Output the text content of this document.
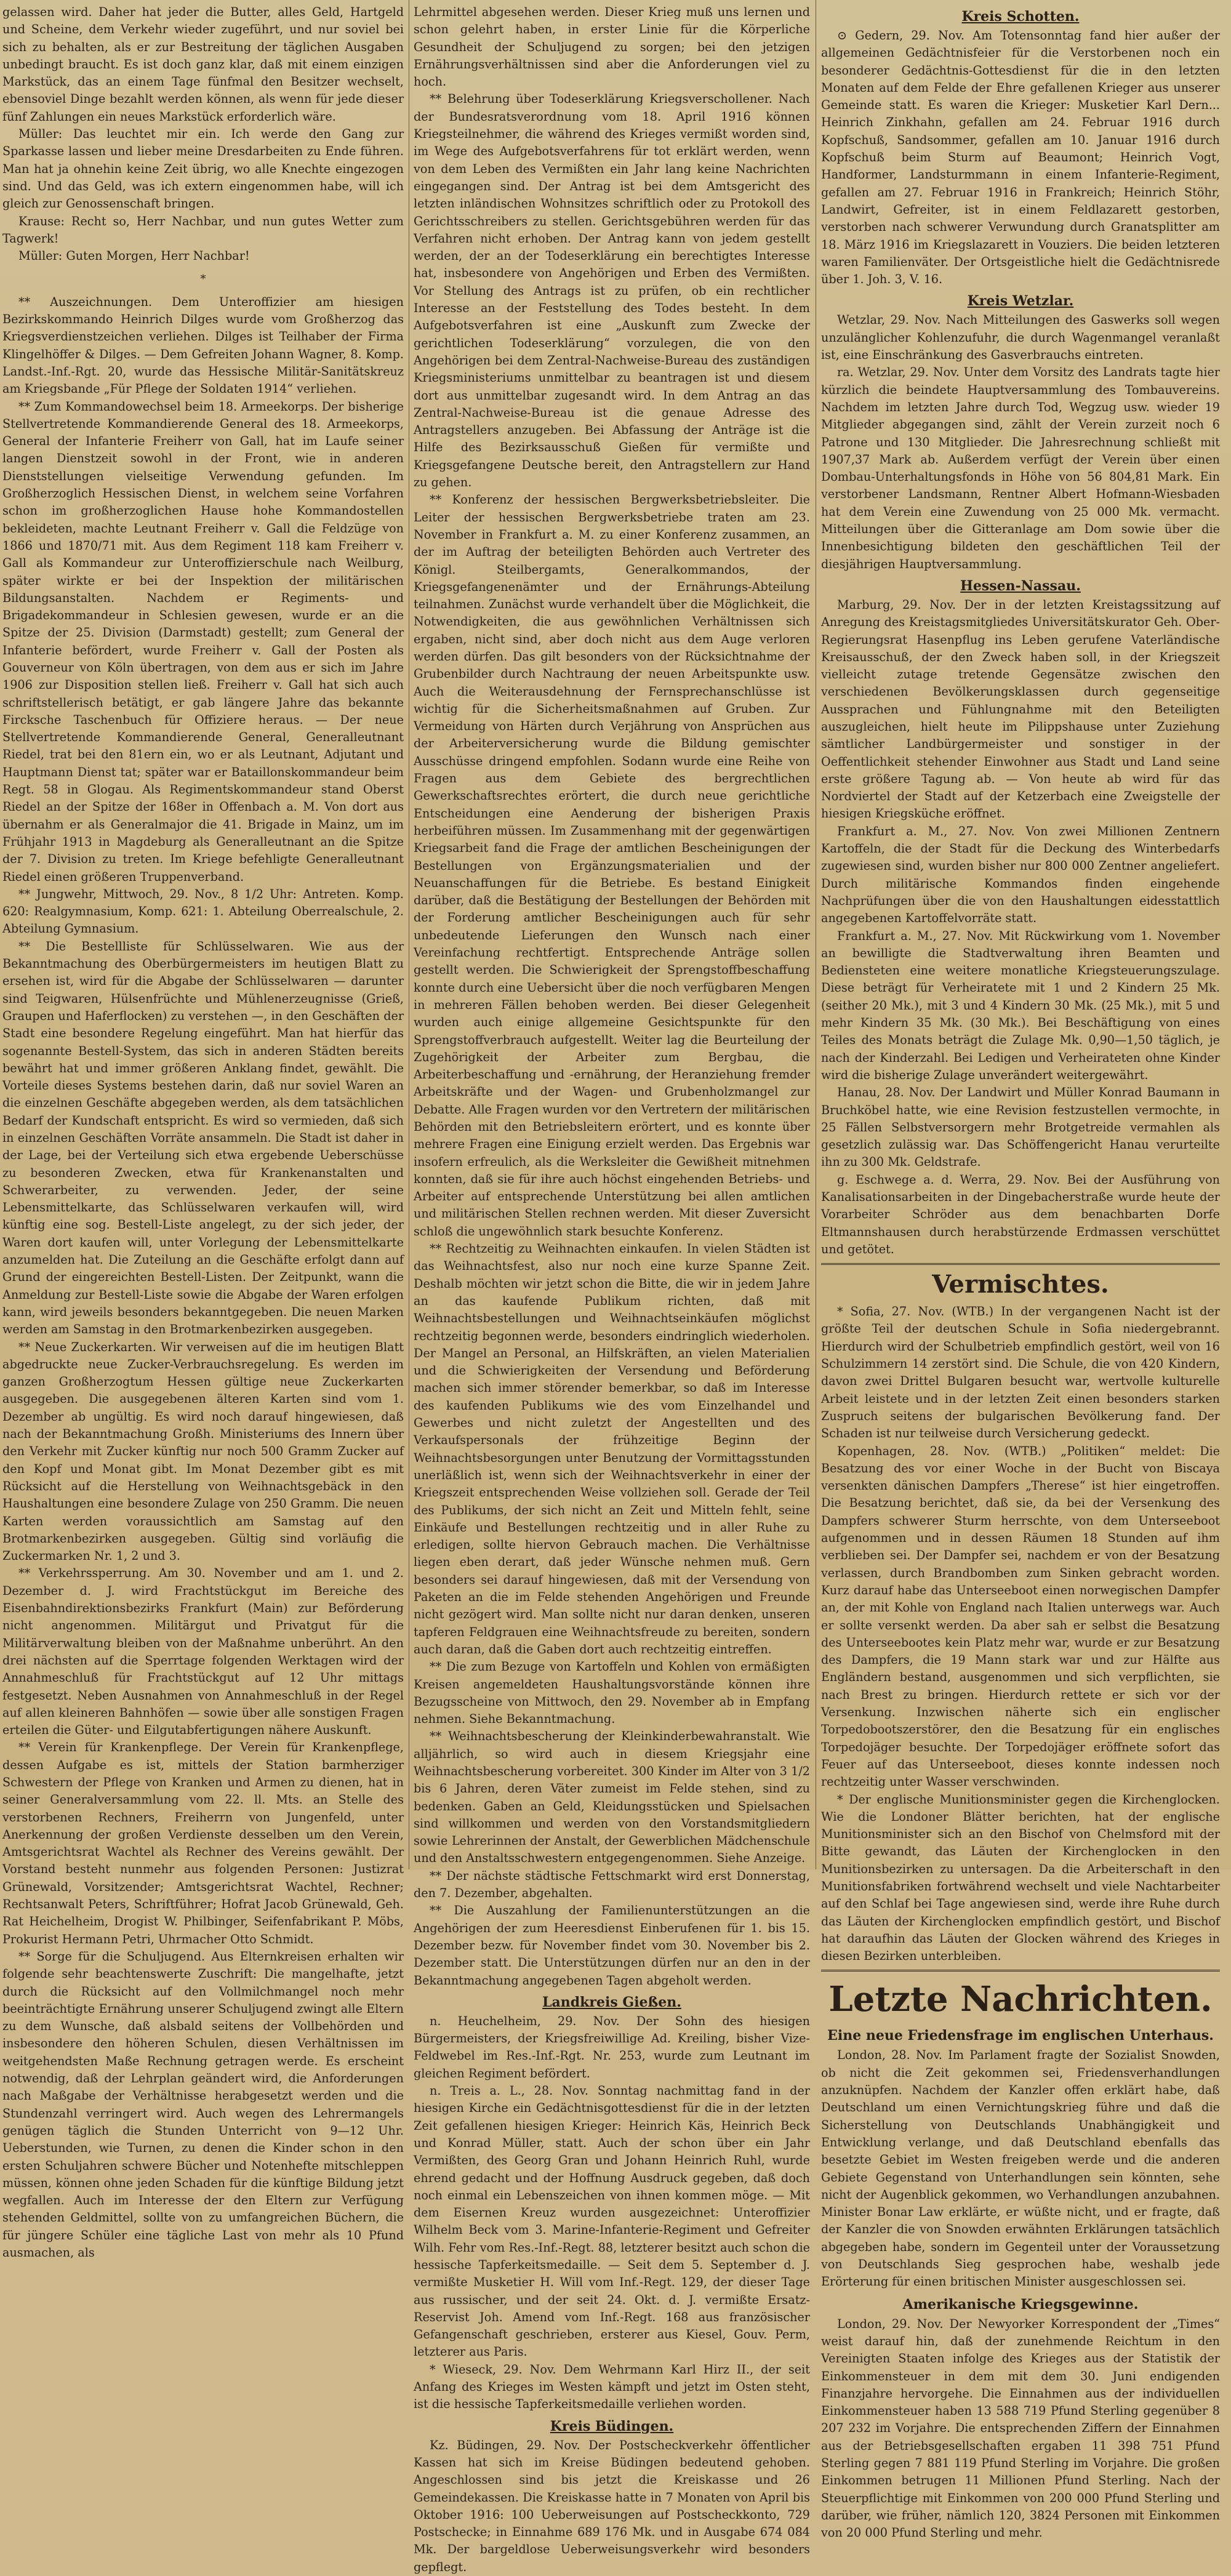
gelassen wird. Daher hat jeder die Butter, alles Geld, Hartgeld und Scheine, dem Verkehr wieder zugeführt, und nur soviel bei sich zu behalten, als er zur Bestreitung der täglichen Ausgaben unbedingt braucht. Es ist doch ganz klar, daß mit einem einzigen Markstück, das an einem Tage fünfmal den Besitzer wechselt, ebensoviel Dinge bezahlt werden können, als wenn für jede dieser fünf Zahlungen ein neues Markstück erforderlich wäre.

Müller: Das leuchtet mir ein. Ich werde den Gang zur Sparkasse lassen und lieber meine Dresdarbeiten zu Ende führen. Man hat ja ohnehin keine Zeit übrig, wo alle Knechte eingezogen sind. Und das Geld, was ich extern eingenommen habe, will ich gleich zur Genossenschaft bringen.

Krause: Recht so, Herr Nachbar, und nun gutes Wetter zum Tagwerk!

Müller: Guten Morgen, Herr Nachbar!

*

** Auszeichnungen. Dem Unteroffizier am hiesigen Bezirkskommando Heinrich Dilges wurde vom Großherzog das Kriegsverdienstzeichen verliehen. Dilges ist Teilhaber der Firma Klingelhöffer & Dilges. — Dem Gefreiten Johann Wagner, 8. Komp. Landst.-Inf.-Rgt. 20, wurde das Hessische Militär-Sanitätskreuz am Kriegsbande „Für Pflege der Soldaten 1914“ verliehen.

** Zum Kommandowechsel beim 18. Armeekorps. Der bisherige Stellvertretende Kommandierende General des 18. Armeekorps, General der Infanterie Freiherr von Gall, hat im Laufe seiner langen Dienstzeit sowohl in der Front, wie in anderen Dienststellungen vielseitige Verwendung gefunden. Im Großherzoglich Hessischen Dienst, in welchem seine Vorfahren schon im großherzoglichen Hause hohe Kommandostellen bekleideten, machte Leutnant Freiherr v. Gall die Feldzüge von 1866 und 1870/71 mit. Aus dem Regiment 118 kam Freiherr v. Gall als Kommandeur zur Unteroffizierschule nach Weilburg, später wirkte er bei der Inspektion der militärischen Bildungsanstalten. Nachdem er Regiments- und Brigadekommandeur in Schlesien gewesen, wurde er an die Spitze der 25. Division (Darmstadt) gestellt; zum General der Infanterie befördert, wurde Freiherr v. Gall der Posten als Gouverneur von Köln übertragen, von dem aus er sich im Jahre 1906 zur Disposition stellen ließ. Freiherr v. Gall hat sich auch schriftstellerisch betätigt, er gab längere Jahre das bekannte Fircksche Taschenbuch für Offiziere heraus. — Der neue Stellvertretende Kommandierende General, Generalleutnant Riedel, trat bei den 81ern ein, wo er als Leutnant, Adjutant und Hauptmann Dienst tat; später war er Bataillonskommandeur beim Regt. 58 in Glogau. Als Regimentskommandeur stand Oberst Riedel an der Spitze der 168er in Offenbach a. M. Von dort aus übernahm er als Generalmajor die 41. Brigade in Mainz, um im Frühjahr 1913 in Magdeburg als Generalleutnant an die Spitze der 7. Division zu treten. Im Kriege befehligte Generalleutnant Riedel einen größeren Truppenverband.

** Jungwehr, Mittwoch, 29. Nov., 8 1/2 Uhr: Antreten. Komp. 620: Realgymnasium, Komp. 621: 1. Abteilung Oberrealschule, 2. Abteilung Gymnasium.

** Die Bestellliste für Schlüsselwaren. Wie aus der Bekanntmachung des Oberbürgermeisters im heutigen Blatt zu ersehen ist, wird für die Abgabe der Schlüsselwaren — darunter sind Teigwaren, Hülsenfrüchte und Mühlenerzeugnisse (Grieß, Graupen und Haferflocken) zu verstehen —, in den Geschäften der Stadt eine besondere Regelung eingeführt. Man hat hierfür das sogenannte Bestell-System, das sich in anderen Städten bereits bewährt hat und immer größeren Anklang findet, gewählt. Die Vorteile dieses Systems bestehen darin, daß nur soviel Waren an die einzelnen Geschäfte abgegeben werden, als dem tatsächlichen Bedarf der Kundschaft entspricht. Es wird so vermieden, daß sich in einzelnen Geschäften Vorräte ansammeln. Die Stadt ist daher in der Lage, bei der Verteilung sich etwa ergebende Ueberschüsse zu besonderen Zwecken, etwa für Krankenanstalten und Schwerarbeiter, zu verwenden. Jeder, der seine Lebensmittelkarte, das Schlüsselwaren verkaufen will, wird künftig eine sog. Bestell-Liste angelegt, zu der sich jeder, der Waren dort kaufen will, unter Vorlegung der Lebensmittelkarte anzumelden hat. Die Zuteilung an die Geschäfte erfolgt dann auf Grund der eingereichten Bestell-Listen. Der Zeitpunkt, wann die Anmeldung zur Bestell-Liste sowie die Abgabe der Waren erfolgen kann, wird jeweils besonders bekanntgegeben. Die neuen Marken werden am Samstag in den Brotmarkenbezirken ausgegeben.

** Neue Zuckerkarten. Wir verweisen auf die im heutigen Blatt abgedruckte neue Zucker-Verbrauchsregelung. Es werden im ganzen Großherzogtum Hessen gültige neue Zuckerkarten ausgegeben. Die ausgegebenen älteren Karten sind vom 1. Dezember ab ungültig. Es wird noch darauf hingewiesen, daß nach der Bekanntmachung Großh. Ministeriums des Innern über den Verkehr mit Zucker künftig nur noch 500 Gramm Zucker auf den Kopf und Monat gibt. Im Monat Dezember gibt es mit Rücksicht auf die Herstellung von Weihnachtsgebäck in den Haushaltungen eine besondere Zulage von 250 Gramm. Die neuen Karten werden voraussichtlich am Samstag auf den Brotmarkenbezirken ausgegeben. Gültig sind vorläufig die Zuckermarken Nr. 1, 2 und 3.

** Verkehrssperrung. Am 30. November und am 1. und 2. Dezember d. J. wird Frachtstückgut im Bereiche des Eisenbahndirektionsbezirks Frankfurt (Main) zur Beförderung nicht angenommen. Militärgut und Privatgut für die Militärverwaltung bleiben von der Maßnahme unberührt. An den drei nächsten auf die Sperrtage folgenden Werktagen wird der Annahmeschluß für Frachtstückgut auf 12 Uhr mittags festgesetzt. Neben Ausnahmen von Annahmeschluß in der Regel auf allen kleineren Bahnhöfen — sowie über alle sonstigen Fragen erteilen die Güter- und Eilgutabfertigungen nähere Auskunft.

** Verein für Krankenpflege. Der Verein für Krankenpflege, dessen Aufgabe es ist, mittels der Station barmherziger Schwestern der Pflege von Kranken und Armen zu dienen, hat in seiner Generalversammlung vom 22. ll. Mts. an Stelle des verstorbenen Rechners, Freiherrn von Jungenfeld, unter Anerkennung der großen Verdienste desselben um den Verein, Amtsgerichtsrat Wachtel als Rechner des Vereins gewählt. Der Vorstand besteht nunmehr aus folgenden Personen: Justizrat Grünewald, Vorsitzender; Amtsgerichtsrat Wachtel, Rechner; Rechtsanwalt Peters, Schriftführer; Hofrat Jacob Grünewald, Geh. Rat Heichelheim, Drogist W. Philbinger, Seifenfabrikant P. Möbs, Prokurist Hermann Petri, Uhrmacher Otto Schmidt.

** Sorge für die Schuljugend. Aus Elternkreisen erhalten wir folgende sehr beachtenswerte Zuschrift: Die mangelhafte, jetzt durch die Rücksicht auf den Vollmilchmangel noch mehr beeinträchtigte Ernährung unserer Schuljugend zwingt alle Eltern zu dem Wunsche, daß alsbald seitens der Vollbehörden und insbesondere den höheren Schulen, diesen Verhältnissen im weitgehendsten Maße Rechnung getragen werde. Es erscheint notwendig, daß der Lehrplan geändert wird, die Anforderungen nach Maßgabe der Verhältnisse herabgesetzt werden und die Stundenzahl verringert wird. Auch wegen des Lehrermangels genügen täglich die Stunden Unterricht von 9—12 Uhr. Ueberstunden, wie Turnen, zu denen die Kinder schon in den ersten Schuljahren schwere Bücher und Notenhefte mitschleppen müssen, können ohne jeden Schaden für die künftige Bildung jetzt wegfallen. Auch im Interesse der den Eltern zur Verfügung stehenden Geldmittel, sollte von zu umfangreichen Büchern, die für jüngere Schüler eine tägliche Last von mehr als 10 Pfund ausmachen, als

Lehrmittel abgesehen werden. Dieser Krieg muß uns lernen und schon gelehrt haben, in erster Linie für die Körperliche Gesundheit der Schuljugend zu sorgen; bei den jetzigen Ernährungsverhältnissen sind aber die Anforderungen viel zu hoch.

** Belehrung über Todeserklärung Kriegsverschollener. Nach der Bundesratsverordnung vom 18. April 1916 können Kriegsteilnehmer, die während des Krieges vermißt worden sind, im Wege des Aufgebotsverfahrens für tot erklärt werden, wenn von dem Leben des Vermißten ein Jahr lang keine Nachrichten eingegangen sind. Der Antrag ist bei dem Amtsgericht des letzten inländischen Wohnsitzes schriftlich oder zu Protokoll des Gerichtsschreibers zu stellen. Gerichtsgebühren werden für das Verfahren nicht erhoben. Der Antrag kann von jedem gestellt werden, der an der Todeserklärung ein berechtigtes Interesse hat, insbesondere von Angehörigen und Erben des Vermißten. Vor Stellung des Antrags ist zu prüfen, ob ein rechtlicher Interesse an der Feststellung des Todes besteht. In dem Aufgebotsverfahren ist eine „Auskunft zum Zwecke der gerichtlichen Todeserklärung“ vorzulegen, die von den Angehörigen bei dem Zentral-Nachweise-Bureau des zuständigen Kriegsministeriums unmittelbar zu beantragen ist und diesem dort aus unmittelbar zugesandt wird. In dem Antrag an das Zentral-Nachweise-Bureau ist die genaue Adresse des Antragstellers anzugeben. Bei Abfassung der Anträge ist die Hilfe des Bezirksausschuß Gießen für vermißte und Kriegsgefangene Deutsche bereit, den Antragstellern zur Hand zu gehen.

** Konferenz der hessischen Bergwerksbetriebsleiter. Die Leiter der hessischen Bergwerksbetriebe traten am 23. November in Frankfurt a. M. zu einer Konferenz zusammen, an der im Auftrag der beteiligten Behörden auch Vertreter des Königl. Steilbergamts, Generalkommandos, der Kriegsgefangenenämter und der Ernährungs-Abteilung teilnahmen. Zunächst wurde verhandelt über die Möglichkeit, die Notwendigkeiten, die aus gewöhnlichen Verhältnissen sich ergaben, nicht sind, aber doch nicht aus dem Auge verloren werden dürfen. Das gilt besonders von der Rücksichtnahme der Grubenbilder durch Nachtraung der neuen Arbeitspunkte usw. Auch die Weiterausdehnung der Fernsprechanschlüsse ist wichtig für die Sicherheitsmaßnahmen auf Gruben. Zur Vermeidung von Härten durch Verjährung von Ansprüchen aus der Arbeiterversicherung wurde die Bildung gemischter Ausschüsse dringend empfohlen. Sodann wurde eine Reihe von Fragen aus dem Gebiete des bergrechtlichen Gewerkschaftsrechtes erörtert, die durch neue gerichtliche Entscheidungen eine Aenderung der bisherigen Praxis herbeiführen müssen. Im Zusammenhang mit der gegenwärtigen Kriegsarbeit fand die Frage der amtlichen Bescheinigungen der Bestellungen von Ergänzungsmaterialien und der Neuanschaffungen für die Betriebe. Es bestand Einigkeit darüber, daß die Bestätigung der Bestellungen der Behörden mit der Forderung amtlicher Bescheinigungen auch für sehr unbedeutende Lieferungen den Wunsch nach einer Vereinfachung rechtfertigt. Entsprechende Anträge sollen gestellt werden. Die Schwierigkeit der Sprengstoffbeschaffung konnte durch eine Uebersicht über die noch verfügbaren Mengen in mehreren Fällen behoben werden. Bei dieser Gelegenheit wurden auch einige allgemeine Gesichtspunkte für den Sprengstoffverbrauch aufgestellt. Weiter lag die Beurteilung der Zugehörigkeit der Arbeiter zum Bergbau, die Arbeiterbeschaffung und -ernährung, der Heranziehung fremder Arbeitskräfte und der Wagen- und Grubenholzmangel zur Debatte. Alle Fragen wurden vor den Vertretern der militärischen Behörden mit den Betriebsleitern erörtert, und es konnte über mehrere Fragen eine Einigung erzielt werden. Das Ergebnis war insofern erfreulich, als die Werksleiter die Gewißheit mitnehmen konnten, daß sie für ihre auch höchst eingehenden Betriebs- und Arbeiter auf entsprechende Unterstützung bei allen amtlichen und militärischen Stellen rechnen werden. Mit dieser Zuversicht schloß die ungewöhnlich stark besuchte Konferenz.

** Rechtzeitig zu Weihnachten einkaufen. In vielen Städten ist das Weihnachtsfest, also nur noch eine kurze Spanne Zeit. Deshalb möchten wir jetzt schon die Bitte, die wir in jedem Jahre an das kaufende Publikum richten, daß mit Weihnachtsbestellungen und Weihnachtseinkäufen möglichst rechtzeitig begonnen werde, besonders eindringlich wiederholen. Der Mangel an Personal, an Hilfskräften, an vielen Materialien und die Schwierigkeiten der Versendung und Beförderung machen sich immer störender bemerkbar, so daß im Interesse des kaufenden Publikums wie des vom Einzelhandel und Gewerbes und nicht zuletzt der Angestellten und des Verkaufspersonals der frühzeitige Beginn der Weihnachtsbesorgungen unter Benutzung der Vormittagsstunden unerläßlich ist, wenn sich der Weihnachtsverkehr in einer der Kriegszeit entsprechenden Weise vollziehen soll. Gerade der Teil des Publikums, der sich nicht an Zeit und Mitteln fehlt, seine Einkäufe und Bestellungen rechtzeitig und in aller Ruhe zu erledigen, sollte hiervon Gebrauch machen. Die Verhältnisse liegen eben derart, daß jeder Wünsche nehmen muß. Gern besonders sei darauf hingewiesen, daß mit der Versendung von Paketen an die im Felde stehenden Angehörigen und Freunde nicht gezögert wird. Man sollte nicht nur daran denken, unseren tapferen Feldgrauen eine Weihnachtsfreude zu bereiten, sondern auch daran, daß die Gaben dort auch rechtzeitig eintreffen.

** Die zum Bezuge von Kartoffeln und Kohlen von ermäßigten Kreisen angemeldeten Haushaltungsvorstände können ihre Bezugsscheine von Mittwoch, den 29. November ab in Empfang nehmen. Siehe Bekanntmachung.

** Weihnachtsbescherung der Kleinkinderbewahranstalt. Wie alljährlich, so wird auch in diesem Kriegsjahr eine Weihnachtsbescherung vorbereitet. 300 Kinder im Alter von 3 1/2 bis 6 Jahren, deren Väter zumeist im Felde stehen, sind zu bedenken. Gaben an Geld, Kleidungsstücken und Spielsachen sind willkommen und werden von den Vorstandsmitgliedern sowie Lehrerinnen der Anstalt, der Gewerblichen Mädchenschule und den Anstaltsschwestern entgegengenommen. Siehe Anzeige.

** Der nächste städtische Fettschmarkt wird erst Donnerstag, den 7. Dezember, abgehalten.

** Die Auszahlung der Familienunterstützungen an die Angehörigen der zum Heeresdienst Einberufenen für 1. bis 15. Dezember bezw. für November findet vom 30. November bis 2. Dezember statt. Die Unterstützungen dürfen nur an den in der Bekanntmachung angegebenen Tagen abgeholt werden.

Landkreis Gießen.

n. Heuchelheim, 29. Nov. Der Sohn des hiesigen Bürgermeisters, der Kriegsfreiwillige Ad. Kreiling, bisher Vize-Feldwebel im Res.-Inf.-Rgt. Nr. 253, wurde zum Leutnant im gleichen Regiment befördert.

n. Treis a. L., 28. Nov. Sonntag nachmittag fand in der hiesigen Kirche ein Gedächtnisgottesdienst für die in der letzten Zeit gefallenen hiesigen Krieger: Heinrich Käs, Heinrich Beck und Konrad Müller, statt. Auch der schon über ein Jahr Vermißten, des Georg Gran und Johann Heinrich Ruhl, wurde ehrend gedacht und der Hoffnung Ausdruck gegeben, daß doch noch einmal ein Lebenszeichen von ihnen kommen möge. — Mit dem Eisernen Kreuz wurden ausgezeichnet: Unteroffizier Wilhelm Beck vom 3. Marine-Infanterie-Regiment und Gefreiter Wilh. Fehr vom Res.-Inf.-Regt. 88, letzterer besitzt auch schon die hessische Tapferkeitsmedaille. — Seit dem 5. September d. J. vermißte Musketier H. Will vom Inf.-Regt. 129, der dieser Tage aus russischer, und der seit 24. Okt. d. J. vermißte Ersatz-Reservist Joh. Amend vom Inf.-Regt. 168 aus französischer Gefangenschaft geschrieben, ersterer aus Kiesel, Gouv. Perm, letzterer aus Paris.

* Wieseck, 29. Nov. Dem Wehrmann Karl Hirz II., der seit Anfang des Krieges im Westen kämpft und jetzt im Osten steht, ist die hessische Tapferkeitsmedaille verliehen worden.

Kreis Büdingen.

Kz. Büdingen, 29. Nov. Der Postscheckverkehr öffentlicher Kassen hat sich im Kreise Büdingen bedeutend gehoben. Angeschlossen sind bis jetzt die Kreiskasse und 26 Gemeindekassen. Die Kreiskasse hatte in 7 Monaten von April bis Oktober 1916: 100 Ueberweisungen auf Postscheckkonto, 729 Postschecke; in Einnahme 689 176 Mk. und in Ausgabe 674 084 Mk. Der bargeldlose Ueberweisungsverkehr wird besonders gepflegt.

Kreis Schotten.

⊙ Gedern, 29. Nov. Am Totensonntag fand hier außer der allgemeinen Gedächtnisfeier für die Verstorbenen noch ein besonderer Gedächtnis-Gottesdienst für die in den letzten Monaten auf dem Felde der Ehre gefallenen Krieger aus unserer Gemeinde statt. Es waren die Krieger: Musketier Karl Dern... Heinrich Zinkhahn, gefallen am 24. Februar 1916 durch Kopfschuß, Sandsommer, gefallen am 10. Januar 1916 durch Kopfschuß beim Sturm auf Beaumont; Heinrich Vogt, Handformer, Landsturmmann in einem Infanterie-Regiment, gefallen am 27. Februar 1916 in Frankreich; Heinrich Stöhr, Landwirt, Gefreiter, ist in einem Feldlazarett gestorben, verstorben nach schwerer Verwundung durch Granatsplitter am 18. März 1916 im Kriegslazarett in Vouziers. Die beiden letzteren waren Familienväter. Der Ortsgeistliche hielt die Gedächtnisrede über 1. Joh. 3, V. 16.

Kreis Wetzlar.

Wetzlar, 29. Nov. Nach Mitteilungen des Gaswerks soll wegen unzulänglicher Kohlenzufuhr, die durch Wagenmangel veranlaßt ist, eine Einschränkung des Gasverbrauchs eintreten.

ra. Wetzlar, 29. Nov. Unter dem Vorsitz des Landrats tagte hier kürzlich die beindete Hauptversammlung des Tombauvereins. Nachdem im letzten Jahre durch Tod, Wegzug usw. wieder 19 Mitglieder abgegangen sind, zählt der Verein zurzeit noch 6 Patrone und 130 Mitglieder. Die Jahresrechnung schließt mit 1907,37 Mark ab. Außerdem verfügt der Verein über einen Dombau-Unterhaltungsfonds in Höhe von 56 804,81 Mark. Ein verstorbener Landsmann, Rentner Albert Hofmann-Wiesbaden hat dem Verein eine Zuwendung von 25 000 Mk. vermacht. Mitteilungen über die Gitteranlage am Dom sowie über die Innenbesichtigung bildeten den geschäftlichen Teil der diesjährigen Hauptversammlung.

Hessen-Nassau.

Marburg, 29. Nov. Der in der letzten Kreistagssitzung auf Anregung des Kreistagsmitgliedes Universitätskurator Geh. Ober-Regierungsrat Hasenpflug ins Leben gerufene Vaterländische Kreisausschuß, der den Zweck haben soll, in der Kriegszeit vielleicht zutage tretende Gegensätze zwischen den verschiedenen Bevölkerungsklassen durch gegenseitige Aussprachen und Fühlungnahme mit den Beteiligten auszugleichen, hielt heute im Pilippshause unter Zuziehung sämtlicher Landbürgermeister und sonstiger in der Oeffentlichkeit stehender Einwohner aus Stadt und Land seine erste größere Tagung ab. — Von heute ab wird für das Nordviertel der Stadt auf der Ketzerbach eine Zweigstelle der hiesigen Kriegsküche eröffnet.

Frankfurt a. M., 27. Nov. Von zwei Millionen Zentnern Kartoffeln, die der Stadt für die Deckung des Winterbedarfs zugewiesen sind, wurden bisher nur 800 000 Zentner angeliefert. Durch militärische Kommandos finden eingehende Nachprüfungen über die von den Haushaltungen eidesstattlich angegebenen Kartoffelvorräte statt.

Frankfurt a. M., 27. Nov. Mit Rückwirkung vom 1. November an bewilligte die Stadtverwaltung ihren Beamten und Bediensteten eine weitere monatliche Kriegsteuerungszulage. Diese beträgt für Verheiratete mit 1 und 2 Kindern 25 Mk. (seither 20 Mk.), mit 3 und 4 Kindern 30 Mk. (25 Mk.), mit 5 und mehr Kindern 35 Mk. (30 Mk.). Bei Beschäftigung von eines Teiles des Monats beträgt die Zulage Mk. 0,90—1,50 täglich, je nach der Kinderzahl. Bei Ledigen und Verheirateten ohne Kinder wird die bisherige Zulage unverändert weitergewährt.

Hanau, 28. Nov. Der Landwirt und Müller Konrad Baumann in Bruchköbel hatte, wie eine Revision festzustellen vermochte, in 25 Fällen Selbstversorgern mehr Brotgetreide vermahlen als gesetzlich zulässig war. Das Schöffengericht Hanau verurteilte ihn zu 300 Mk. Geldstrafe.

g. Eschwege a. d. Werra, 29. Nov. Bei der Ausführung von Kanalisationsarbeiten in der Dingebacherstraße wurde heute der Vorarbeiter Schröder aus dem benachbarten Dorfe Eltmannshausen durch herabstürzende Erdmassen verschüttet und getötet.

Vermischtes.

* Sofia, 27. Nov. (WTB.) In der vergangenen Nacht ist der größte Teil der deutschen Schule in Sofia niedergebrannt. Hierdurch wird der Schulbetrieb empfindlich gestört, weil von 16 Schulzimmern 14 zerstört sind. Die Schule, die von 420 Kindern, davon zwei Drittel Bulgaren besucht war, wertvolle kulturelle Arbeit leistete und in der letzten Zeit einen besonders starken Zuspruch seitens der bulgarischen Bevölkerung fand. Der Schaden ist nur teilweise durch Versicherung gedeckt.

Kopenhagen, 28. Nov. (WTB.) „Politiken“ meldet: Die Besatzung des vor einer Woche in der Bucht von Biscaya versenkten dänischen Dampfers „Therese“ ist hier eingetroffen. Die Besatzung berichtet, daß sie, da bei der Versenkung des Dampfers schwerer Sturm herrschte, von dem Unterseeboot aufgenommen und in dessen Räumen 18 Stunden auf ihm verblieben sei. Der Dampfer sei, nachdem er von der Besatzung verlassen, durch Brandbomben zum Sinken gebracht worden. Kurz darauf habe das Unterseeboot einen norwegischen Dampfer an, der mit Kohle von England nach Italien unterwegs war. Auch er sollte versenkt werden. Da aber sah er selbst die Besatzung des Unterseebootes kein Platz mehr war, wurde er zur Besatzung des Dampfers, die 19 Mann stark war und zur Hälfte aus Engländern bestand, ausgenommen und sich verpflichten, sie nach Brest zu bringen. Hierdurch rettete er sich vor der Versenkung. Inzwischen näherte sich ein englischer Torpedobootszerstörer, den die Besatzung für ein englisches Torpedojäger besuchte. Der Torpedojäger eröffnete sofort das Feuer auf das Unterseeboot, dieses konnte indessen noch rechtzeitig unter Wasser verschwinden.

* Der englische Munitionsminister gegen die Kirchenglocken. Wie die Londoner Blätter berichten, hat der englische Munitionsminister sich an den Bischof von Chelmsford mit der Bitte gewandt, das Läuten der Kirchenglocken in den Munitionsbezirken zu untersagen. Da die Arbeiterschaft in den Munitionsfabriken fortwährend wechselt und viele Nachtarbeiter auf den Schlaf bei Tage angewiesen sind, werde ihre Ruhe durch das Läuten der Kirchenglocken empfindlich gestört, und Bischof hat daraufhin das Läuten der Glocken während des Krieges in diesen Bezirken unterbleiben.

Letzte Nachrichten.
Eine neue Friedensfrage im englischen Unterhaus.

London, 28. Nov. Im Parlament fragte der Sozialist Snowden, ob nicht die Zeit gekommen sei, Friedensverhandlungen anzuknüpfen. Nachdem der Kanzler offen erklärt habe, daß Deutschland um einen Vernichtungskrieg führe und daß die Sicherstellung von Deutschlands Unabhängigkeit und Entwicklung verlange, und daß Deutschland ebenfalls das besetzte Gebiet im Westen freigeben werde und die anderen Gebiete Gegenstand von Unterhandlungen sein könnten, sehe nicht der Augenblick gekommen, wo Verhandlungen anzubahnen. Minister Bonar Law erklärte, er wüßte nicht, und er fragte, daß der Kanzler die von Snowden erwähnten Erklärungen tatsächlich abgegeben habe, sondern im Gegenteil unter der Voraussetzung von Deutschlands Sieg gesprochen habe, weshalb jede Erörterung für einen britischen Minister ausgeschlossen sei.

Amerikanische Kriegsgewinne.

London, 29. Nov. Der Newyorker Korrespondent der „Times“ weist darauf hin, daß der zunehmende Reichtum in den Vereinigten Staaten infolge des Krieges aus der Statistik der Einkommensteuer in dem mit dem 30. Juni endigenden Finanzjahre hervorgehe. Die Einnahmen aus der individuellen Einkommensteuer haben 13 588 719 Pfund Sterling gegenüber 8 207 232 im Vorjahre. Die entsprechenden Ziffern der Einnahmen aus der Betriebsgesellschaften ergaben 11 398 751 Pfund Sterling gegen 7 881 119 Pfund Sterling im Vorjahre. Die großen Einkommen betrugen 11 Millionen Pfund Sterling. Nach der Steuerpflichtige mit Einkommen von 200 000 Pfund Sterling und darüber, wie früher, nämlich 120, 3824 Personen mit Einkommen von 20 000 Pfund Sterling und mehr.
